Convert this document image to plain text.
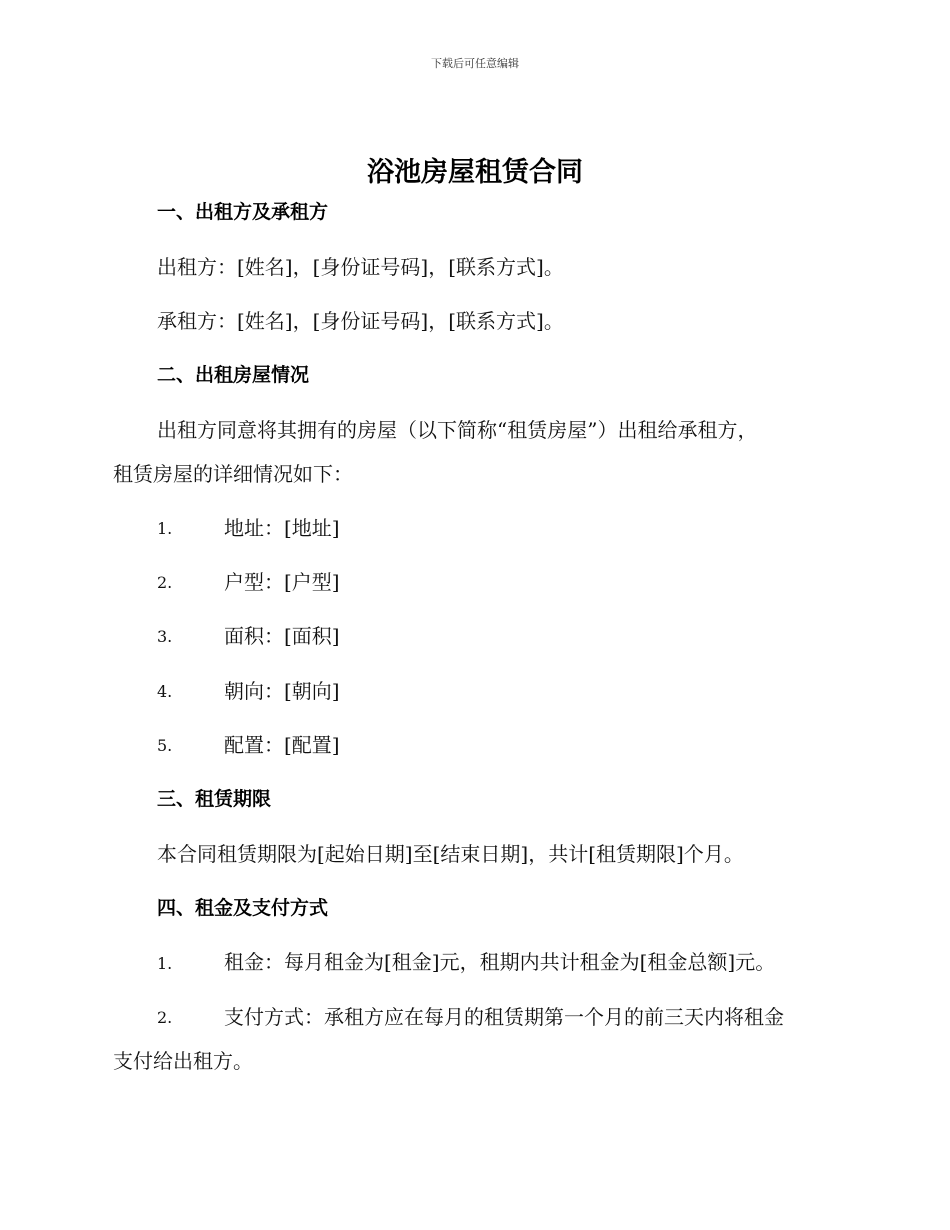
下载后可任意编辑
浴池房屋租赁合同
一、出租方及承租方
出租方：[姓名]，[身份证号码]，[联系方式]。
承租方：[姓名]，[身份证号码]，[联系方式]。
二、出租房屋情况
出租方同意将其拥有的房屋（以下简称“租赁房屋”）出租给承租方，
租赁房屋的详细情况如下：
1.	地址：[地址]
2.	户型：[户型]
3.	面积：[面积]
4.	朝向：[朝向]
5.	配置：[配置]
三、租赁期限
本合同租赁期限为[起始日期]至[结束日期]，共计[租赁期限]个月。
四、租金及支付方式
1.	租金：每月租金为[租金]元，租期内共计租金为[租金总额]元。
2.	支付方式：承租方应在每月的租赁期第一个月的前三天内将租金
支付给出租方。
